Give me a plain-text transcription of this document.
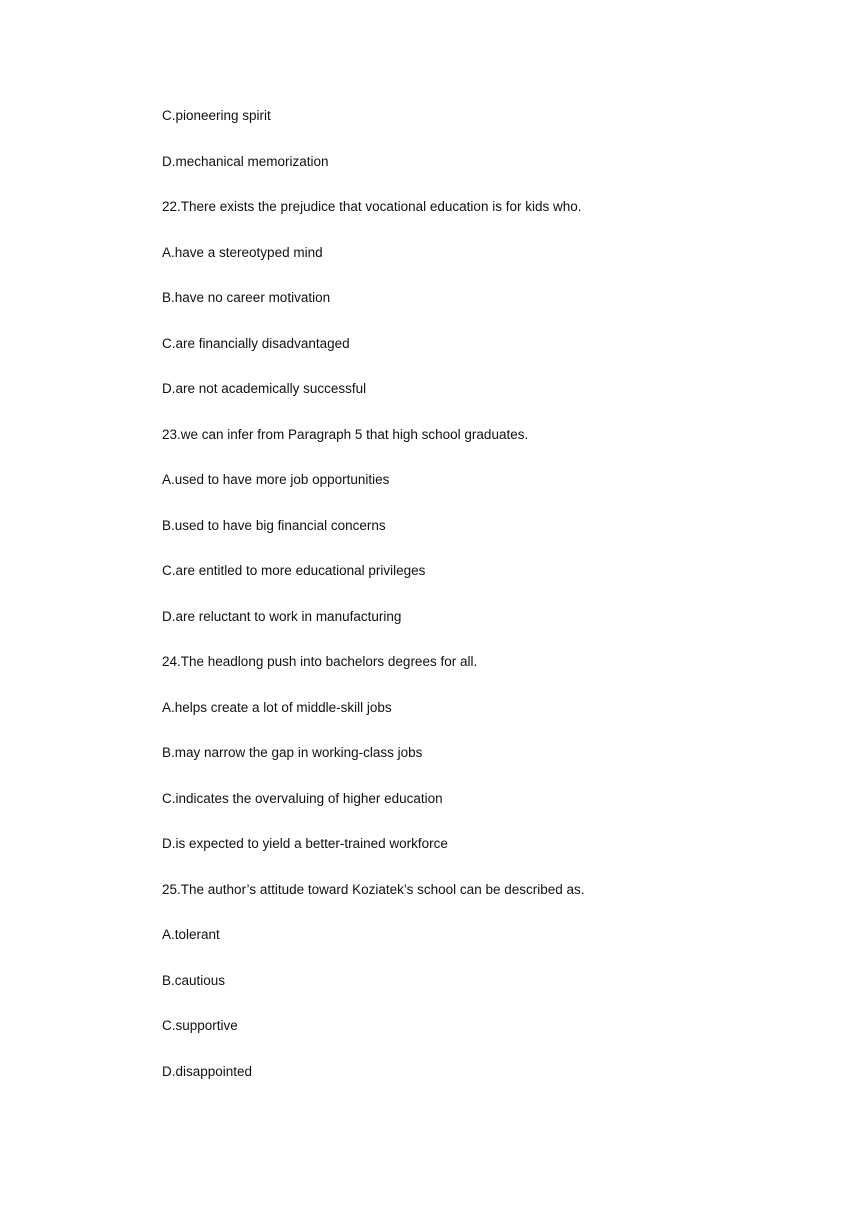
C.pioneering spirit
D.mechanical memorization
22.There exists the prejudice that vocational education is for kids who.
A.have a stereotyped mind
B.have no career motivation
C.are financially disadvantaged
D.are not academically successful
23.we can infer from Paragraph 5 that high school graduates.
A.used to have more job opportunities
B.used to have big financial concerns
C.are entitled to more educational privileges
D.are reluctant to work in manufacturing
24.The headlong push into bachelors degrees for all.
A.helps create a lot of middle-skill jobs
B.may narrow the gap in working-class jobs
C.indicates the overvaluing of higher education
D.is expected to yield a better-trained workforce
25.The author’s attitude toward Koziatek’s school can be described as.
A.tolerant
B.cautious
C.supportive
D.disappointed
